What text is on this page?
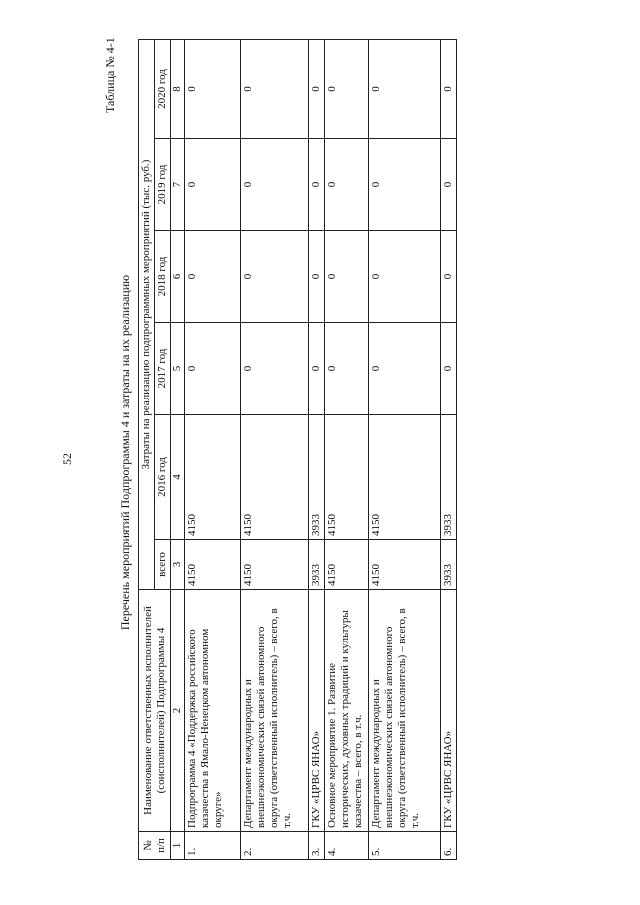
52
Таблица № 4-1
Перечень мероприятий Подпрограммы 4 и затраты на их реализацию
№ п/п	Наименование ответственных исполнителей (соисполнителей) Подпрограммы 4	Затраты на реализацию подпрограммных мероприятий (тыс. руб.)					
		всего	2016 год	2017 год	2018 год	2019 год	2020 год
1	2	3	4	5	6	7	8
1.	Подпрограмма 4 «Поддержка российского казачества в Ямало-Ненецком автономном округе»	4150	4150	0	0	0	0
2.	Департамент международных и внешнеэкономических связей автономного округа (ответственный исполнитель) – всего, в т.ч.	4150	4150	0	0	0	0
3.	ГКУ «ЦРВС ЯНАО»	3933	3933	0	0	0	0
4.	Основное мероприятие 1. Развитие исторических, духовных традиций и культуры казачества – всего, в т.ч.	4150	4150	0	0	0	0
5.	Департамент международных и внешнеэкономических связей автономного округа (ответственный исполнитель) – всего, в т.ч.	4150	4150	0	0	0	0
6.	ГКУ «ЦРВС ЯНАО»	3933	3933	0	0	0	0
